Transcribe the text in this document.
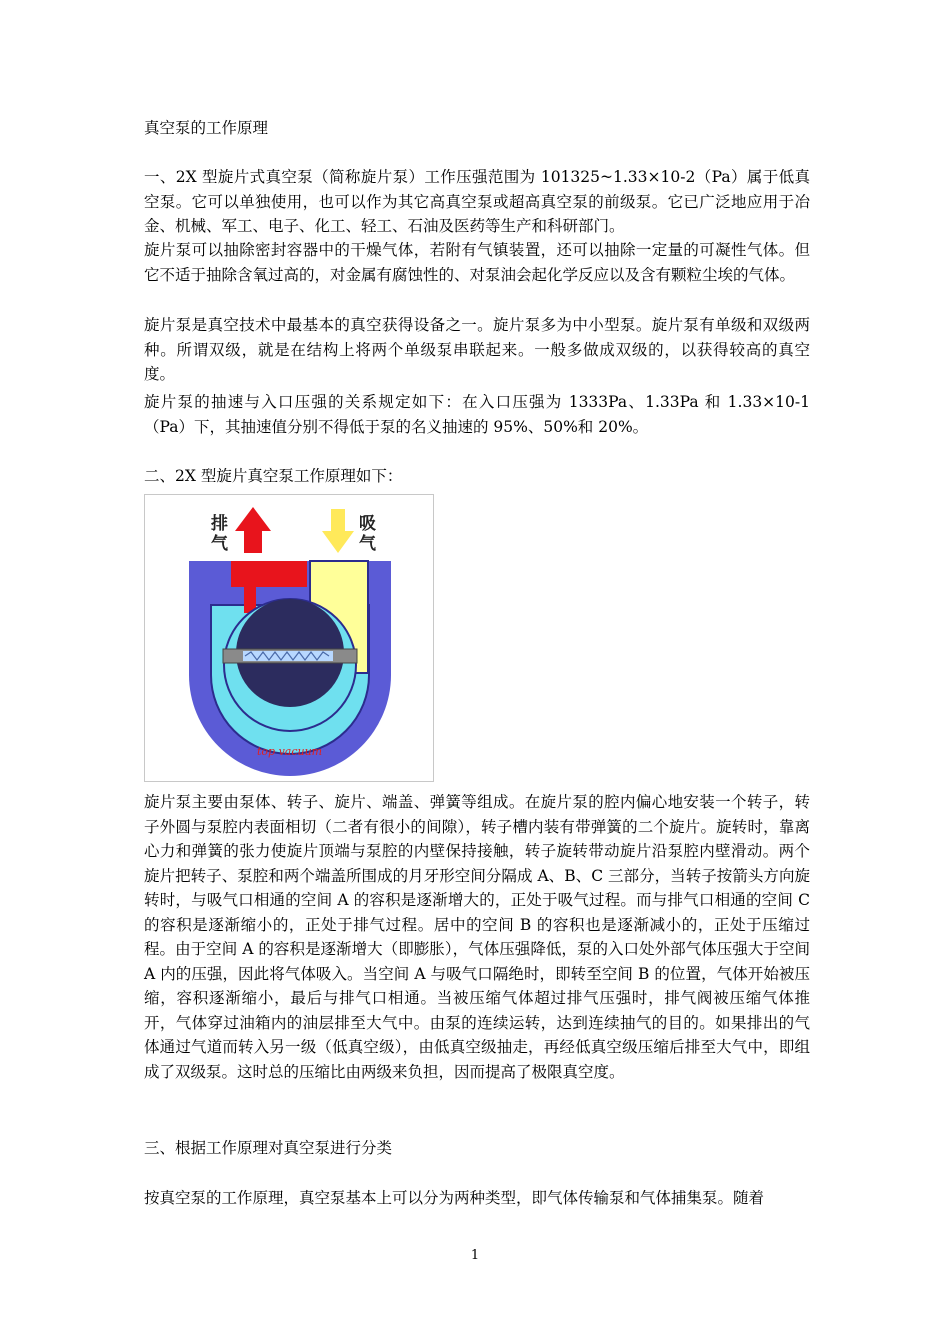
真空泵的工作原理

一、2X 型旋片式真空泵（简称旋片泵）工作压强范围为 101325~1.33×10-2（Pa）属于低真空泵。它可以单独使用，也可以作为其它高真空泵或超高真空泵的前级泵。它已广泛地应用于冶金、机械、军工、电子、化工、轻工、石油及医药等生产和科研部门。

旋片泵可以抽除密封容器中的干燥气体，若附有气镇装置，还可以抽除一定量的可凝性气体。但它不适于抽除含氧过高的，对金属有腐蚀性的、对泵油会起化学反应以及含有颗粒尘埃的气体。

旋片泵是真空技术中最基本的真空获得设备之一。旋片泵多为中小型泵。旋片泵有单级和双级两种。所谓双级，就是在结构上将两个单级泵串联起来。一般多做成双级的，以获得较高的真空度。

旋片泵的抽速与入口压强的关系规定如下：在入口压强为 1333Pa、1.33Pa 和 1.33×10-1（Pa）下，其抽速值分别不得低于泵的名义抽速的 95%、50%和 20%。

二、2X 型旋片真空泵工作原理如下：

排
气
吸
气
top vacuum

旋片泵主要由泵体、转子、旋片、端盖、弹簧等组成。在旋片泵的腔内偏心地安装一个转子，转子外圆与泵腔内表面相切（二者有很小的间隙），转子槽内装有带弹簧的二个旋片。旋转时，靠离心力和弹簧的张力使旋片顶端与泵腔的内壁保持接触，转子旋转带动旋片沿泵腔内壁滑动。两个旋片把转子、泵腔和两个端盖所围成的月牙形空间分隔成 A、B、C 三部分，当转子按箭头方向旋转时，与吸气口相通的空间 A 的容积是逐渐增大的，正处于吸气过程。而与排气口相通的空间 C 的容积是逐渐缩小的，正处于排气过程。居中的空间 B 的容积也是逐渐减小的，正处于压缩过程。由于空间 A 的容积是逐渐增大（即膨胀），气体压强降低，泵的入口处外部气体压强大于空间 A 内的压强，因此将气体吸入。当空间 A 与吸气口隔绝时，即转至空间 B 的位置，气体开始被压缩，容积逐渐缩小，最后与排气口相通。当被压缩气体超过排气压强时，排气阀被压缩气体推开，气体穿过油箱内的油层排至大气中。由泵的连续运转，达到连续抽气的目的。如果排出的气体通过气道而转入另一级（低真空级），由低真空级抽走，再经低真空级压缩后排至大气中，即组成了双级泵。这时总的压缩比由两级来负担，因而提高了极限真空度。

三、根据工作原理对真空泵进行分类

按真空泵的工作原理，真空泵基本上可以分为两种类型，即气体传输泵和气体捕集泵。随着

1
